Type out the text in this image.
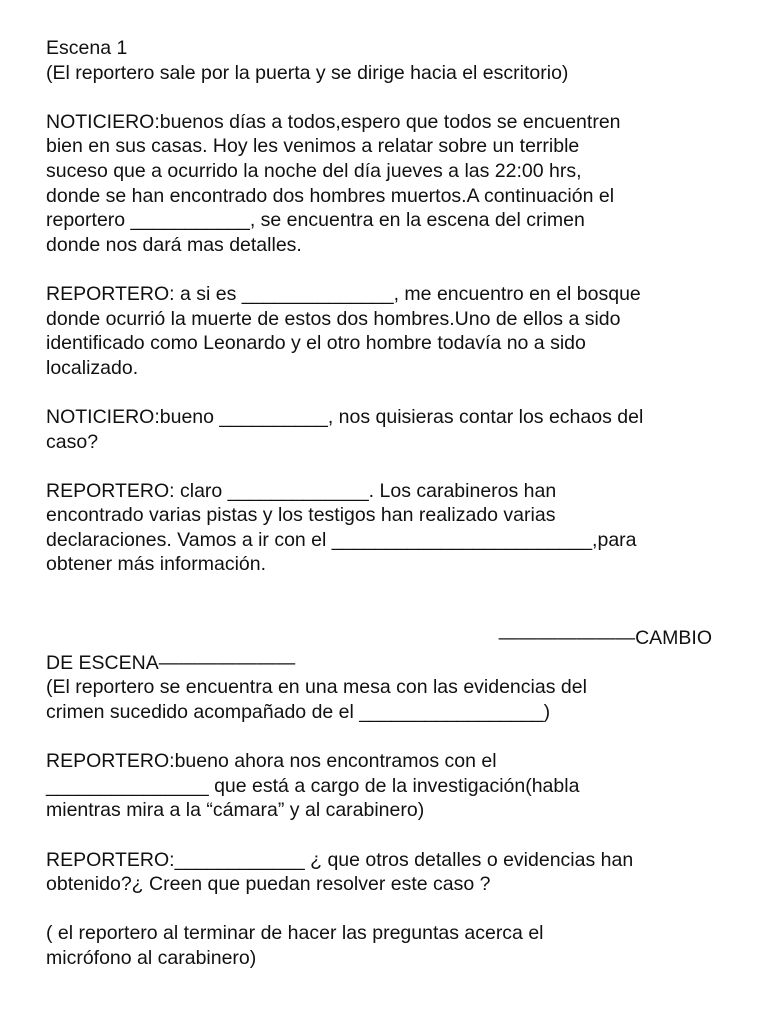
Escena 1
(El reportero sale por la puerta y se dirige hacia el escritorio)
NOTICIERO:buenos días a todos,espero que todos se encuentren
bien en sus casas. Hoy les venimos a relatar sobre un terrible
suceso que a ocurrido la noche del día jueves a las 22:00 hrs,
donde se han encontrado dos hombres muertos.A continuación el
reportero ___________, se encuentra en la escena del crimen
donde nos dará mas detalles.
REPORTERO: a si es ______________, me encuentro en el bosque
donde ocurrió la muerte de estos dos hombres.Uno de ellos a sido
identificado como Leonardo y el otro hombre todavía no a sido
localizado.
NOTICIERO:bueno __________, nos quisieras contar los echaos del
caso?
REPORTERO: claro _____________. Los carabineros han
encontrado varias pistas y los testigos han realizado varias
declaraciones. Vamos a ir con el ________________________,para
obtener más información.
———————CAMBIO
DE ESCENA———————
(El reportero se encuentra en una mesa con las evidencias del
crimen sucedido acompañado de el _________________)
REPORTERO:bueno ahora nos encontramos con el
_______________ que está a cargo de la investigación(habla
mientras mira a la “cámara” y al carabinero)
REPORTERO:____________ ¿ que otros detalles o evidencias han
obtenido?¿ Creen que puedan resolver este caso ?
( el reportero al terminar de hacer las preguntas acerca el
micrófono al carabinero)
